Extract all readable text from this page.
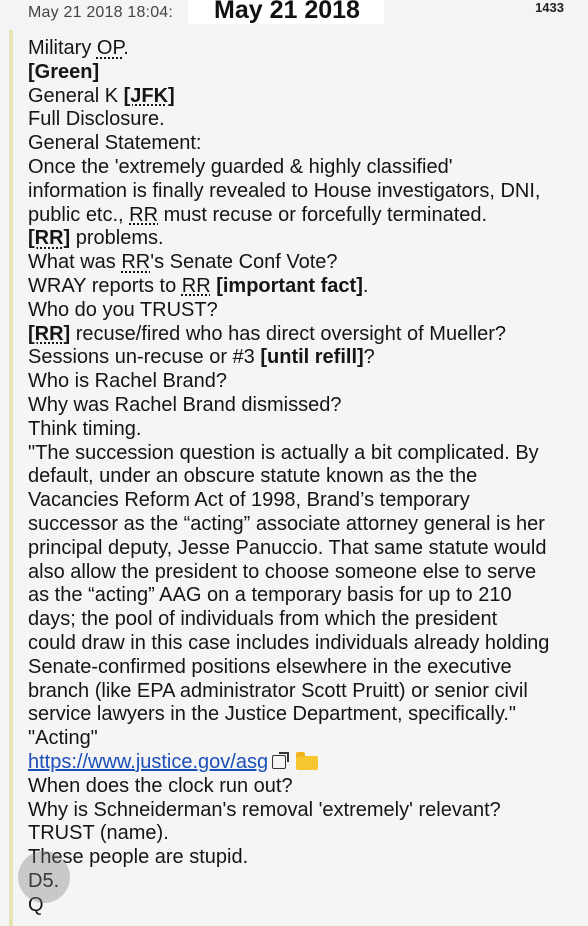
May 21 2018 18:04: May 21 2018	1433
Military OP.
[Green]
General K [JFK]
Full Disclosure.
General Statement:
Once the 'extremely guarded & highly classified'
information is finally revealed to House investigators, DNI,
public etc., RR must recuse or forcefully terminated.
[RR] problems.
What was RR's Senate Conf Vote?
WRAY reports to RR [important fact].
Who do you TRUST?
[RR] recuse/fired who has direct oversight of Mueller?
Sessions un-recuse or #3 [until refill]?
Who is Rachel Brand?
Why was Rachel Brand dismissed?
Think timing.
"The succession question is actually a bit complicated. By
default, under an obscure statute known as the the
Vacancies Reform Act of 1998, Brand’s temporary
successor as the “acting” associate attorney general is her
principal deputy, Jesse Panuccio. That same statute would
also allow the president to choose someone else to serve
as the “acting” AAG on a temporary basis for up to 210
days; the pool of individuals from which the president
could draw in this case includes individuals already holding
Senate-confirmed positions elsewhere in the executive
branch (like EPA administrator Scott Pruitt) or senior civil
service lawyers in the Justice Department, specifically."
"Acting"
https://www.justice.gov/asg
When does the clock run out?
Why is Schneiderman's removal 'extremely' relevant?
TRUST (name).
These people are stupid.
D5.
Q
